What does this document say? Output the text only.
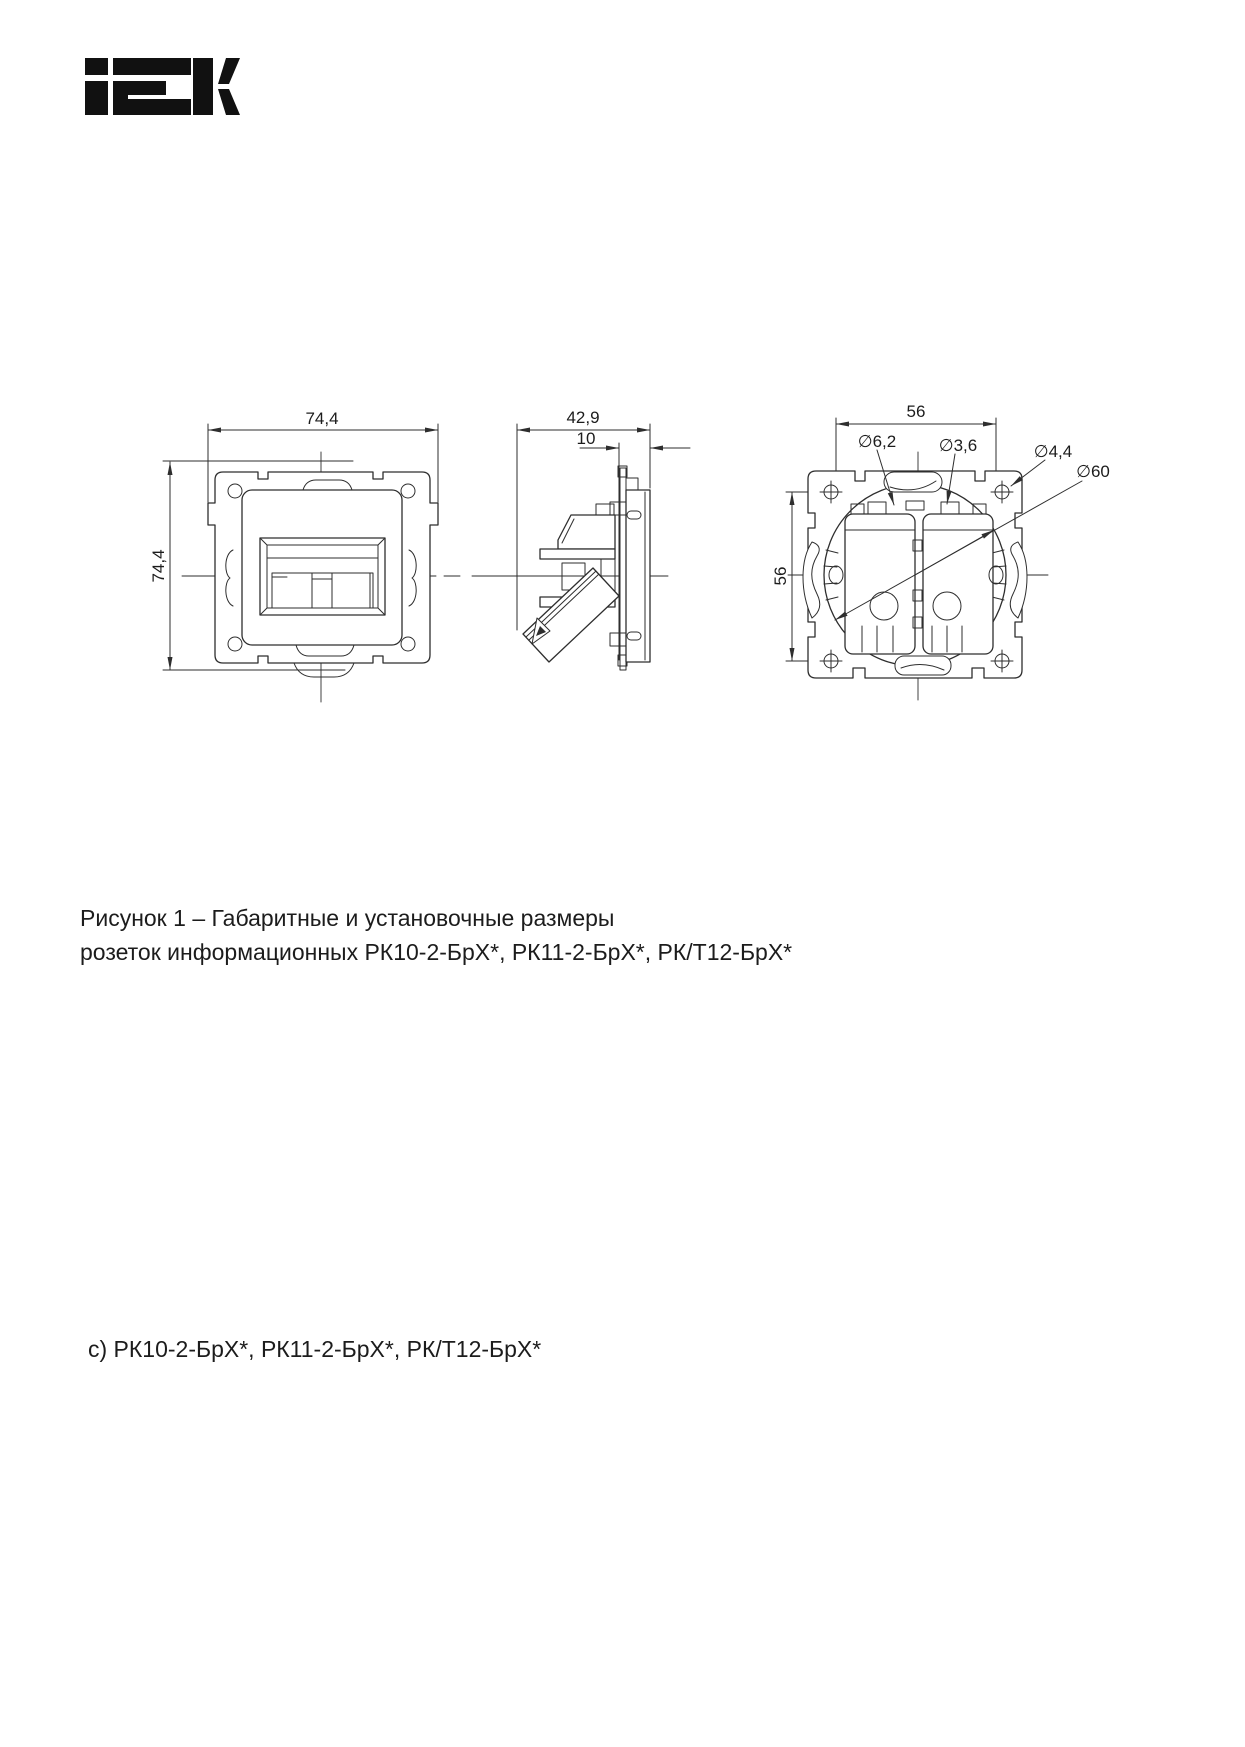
74,4
74,4
42,9
10
56
56
∅6,2	∅3,6	∅4,4
∅60
Рисунок 1 – Габаритные и установочные размеры
розеток информационных РК10-2-БрХ*, РК11-2-БрХ*, РК/Т12-БрХ*
с) РК10-2-БрХ*, РК11-2-БрХ*, РК/Т12-БрХ*
